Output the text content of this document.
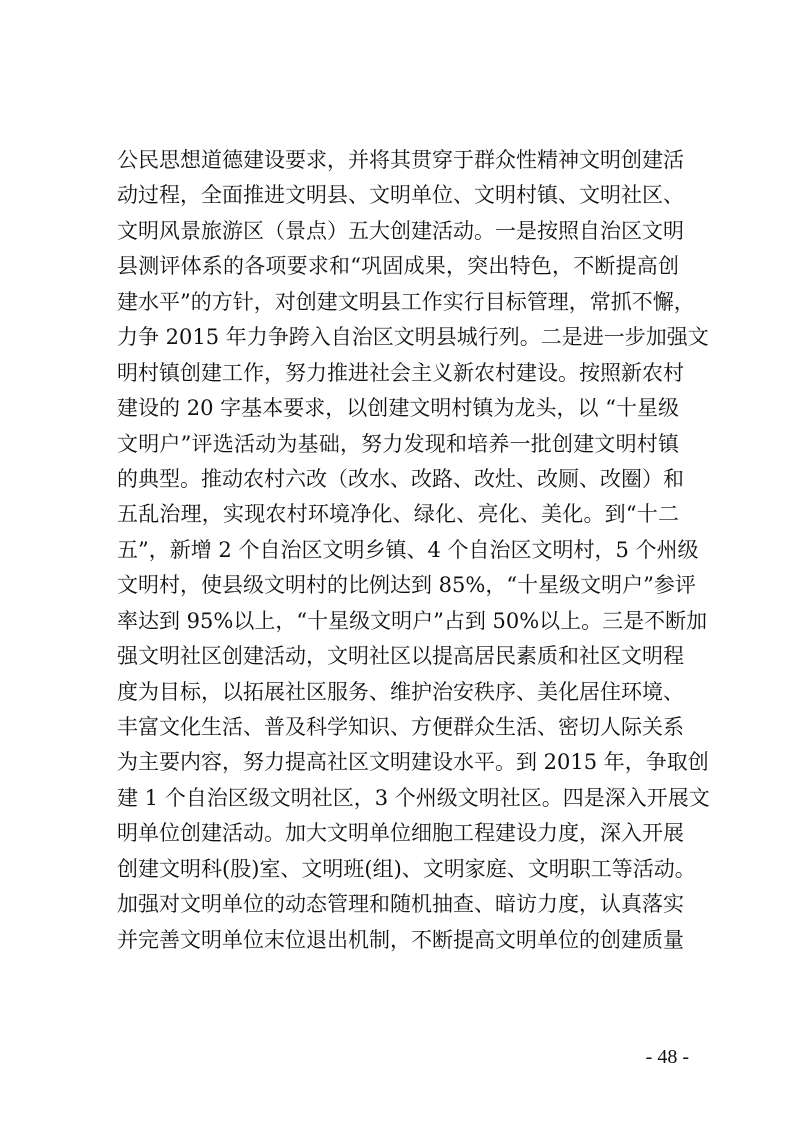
公民思想道德建设要求，并将其贯穿于群众性精神文明创建活
动过程，全面推进文明县、文明单位、文明村镇、文明社区、
文明风景旅游区（景点）五大创建活动。一是按照自治区文明
县测评体系的各项要求和“巩固成果，突出特色，不断提高创
建水平”的方针，对创建文明县工作实行目标管理，常抓不懈，
力争 2015 年力争跨入自治区文明县城行列。二是进一步加强文
明村镇创建工作，努力推进社会主义新农村建设。按照新农村
建设的 20 字基本要求，以创建文明村镇为龙头，以 “十星级
文明户”评选活动为基础，努力发现和培养一批创建文明村镇
的典型。推动农村六改（改水、改路、改灶、改厕、改圈）和
五乱治理，实现农村环境净化、绿化、亮化、美化。到“十二
五”，新增 2 个自治区文明乡镇、4 个自治区文明村，5 个州级
文明村，使县级文明村的比例达到 85%，“十星级文明户”参评
率达到 95%以上，“十星级文明户”占到 50%以上。三是不断加
强文明社区创建活动，文明社区以提高居民素质和社区文明程
度为目标，以拓展社区服务、维护治安秩序、美化居住环境、
丰富文化生活、普及科学知识、方便群众生活、密切人际关系
为主要内容，努力提高社区文明建设水平。到 2015 年，争取创
建 1 个自治区级文明社区，3 个州级文明社区。四是深入开展文
明单位创建活动。加大文明单位细胞工程建设力度，深入开展
创建文明科(股)室、文明班(组)、文明家庭、文明职工等活动。
加强对文明单位的动态管理和随机抽查、暗访力度，认真落实
并完善文明单位末位退出机制，不断提高文明单位的创建质量
- 48 -
